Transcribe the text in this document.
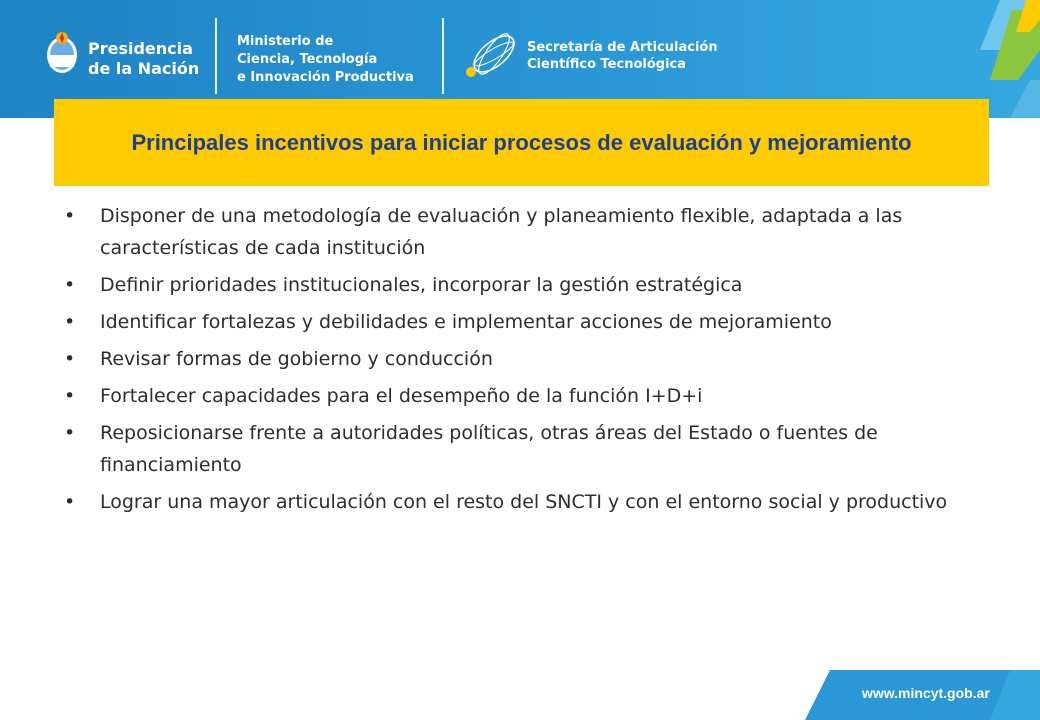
Presidencia
de la Nación
Ministerio de
Ciencia, Tecnología
e Innovación Productiva
Secretaría de Articulación
Científico Tecnológica
Principales incentivos para iniciar procesos de evaluación y mejoramiento
• Disponer de una metodología de evaluación y planeamiento flexible, adaptada a las características de cada institución
• Definir prioridades institucionales, incorporar la gestión estratégica
• Identificar fortalezas y debilidades e implementar acciones de mejoramiento
• Revisar formas de gobierno y conducción
• Fortalecer capacidades para el desempeño de la función I+D+i
• Reposicionarse frente a autoridades políticas, otras áreas del Estado o fuentes de financiamiento
• Lograr una mayor articulación con el resto del SNCTI y con el entorno social y productivo
www.mincyt.gob.ar
